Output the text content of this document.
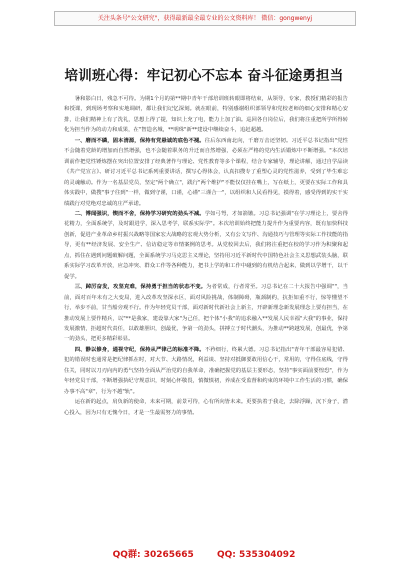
关注头条号"公文研究"，获得最新最全最专业的公文资料库！ 微信：gongwenyj
培训班心得：牢记初心不忘本 奋斗征途勇担当

暑和影白日，残急不可待。为期1个月的第**期中青年干部培训班转眼即将结束，从领导，专家，教授们精彩的报告和授课，到现场考察和实地调研，都让我们记忆深刻。就在眼前，特别感谢组织部领导和党校老师的细心安排和精心安排，让我们精神上有了洗礼，思想上得了提，知识上充了电，能力上加了油。巡回各自岗位后，我们将注重把所学所得转化为担当作为的动力和成果，在"智造名城，**明珠"新**建设中继续奋斗，追赶超越。

一、磨而不磷，固本清源，保持有党悬诚的底色不褪。往后东西南北向，千磨万击还坚韧。习近平总书记指出"党性不会随着党龄的增加而自然增强，也不会随着职务的升迁而自然增强，必须在严格的党内生活锻炼中不断增强。"本次培训前作把党性锤炼摆在突出位置安排了经典著作与理论、党性教育等多个课程，结合专家辅导，理论讲解，通过自学品读《共产党宣言》、研讨习近平总书记系列重要讲话，撰写心得体会，认真扣搜专了重塑心灵的党性滋养，受到了毕生难忘的灵魂触动。作为一名基层党员，坚定"两个确立"，践行"两个维护"不能仅仅挂在嘴上，写在纸上，更要在实际工作和具体实践中，做搜"事子往到"一样，做到守谨，口谨，心谨"三谨合一"，以组织和人民看得见，摸得着，感受得到的实干实绩践行对党绝对忠诚的庄严承诺。

二、博闻强识，锲而不舍，保持学习研究的劲头不减。学如弓弩，才如箭镞。习总书记强调"在学习理论上，要舍得花精力，全面系统学，及时跟进学，深入思考学，联系实际学"。本次培训始终把能力提升作为重要内容，既有加快科技创新，促进产业革命乡村振兴战略等国家宏大战略的宏观大势分析，又有公文写作、沟通技巧与管理等实际工作技能的指导，更有**经济发展、安全生产、信访稳定等市情案例的思考。从党校回去后，我们将注重把在校的学习作为积聚和起点，抓住在遇到问题破解问题，全面系统学习马克思主义理论，坚持用习近平新时代中国特色社会主义思想武装头脑，联系实际学习改革开放，应急冲突、群众工作等各种能力，把书上学的和工作中碰到的有机结合起来，做到以学增干，以干促学。

三、踔厉奋发，攻坚克难，保持勇于担当的状态不变。为者常成，行者常至。习总书记在二十大报告中强调""，当前，面对百年未有之大变局，进入改革攻坚深水区，面对风险挑战，体制障碍，瓶颈制约，抗拒如重不行，惊等懂望不行，举步不前，甘当船旁观不行。作为年轻党员干部，面对新时代新社会上新主，开辟新理念新发展理念上要有担当，在推动发展上要作精兵，以"**是我家，建设靠大家"为己任，把个体"小我"的追求融入**发展人民幸福"大我"的事业，保持发展激情，拒超时代责任，以敢雄胆识，创最优，争第一的劲头，拼搏立于时代潮头，为推动**跨越发展，创最优，争第一的劲头，把更多精彩彰显。

四、静以修身，通视守纪，保持从严律己的标准不降。不矜细行，终累大德。习总书记指出"青年干部最容易犯错、犯的错误时也通常是把纪律抓在时，对大节、大路情况，利益谈、坚持对抵御要敢用信心干，常用的，守得住底线，守得住关，同时以刀刃向内的勇气坚持全面从严治党的自我革命，准确把握党的基层主要形态，坚持"事实面前要惶恐"，作为年轻党员干部，不断增强执纪守规意识，时刻心怀敬畏，慎微慎初，养成在受监督和约束的环境中工作生活的习惯，确保办事不高"章"，行为不越"轨"。

运在新的起点，肩负新的使命，未来可期，前景可待，心有所向皆未来。更要执着于我走，去除浮躁，沉下身子，潜心投入，因为只有无愧今日，才是一生最需努力的事情。

QQ群: 30265665	QQ: 535304092
